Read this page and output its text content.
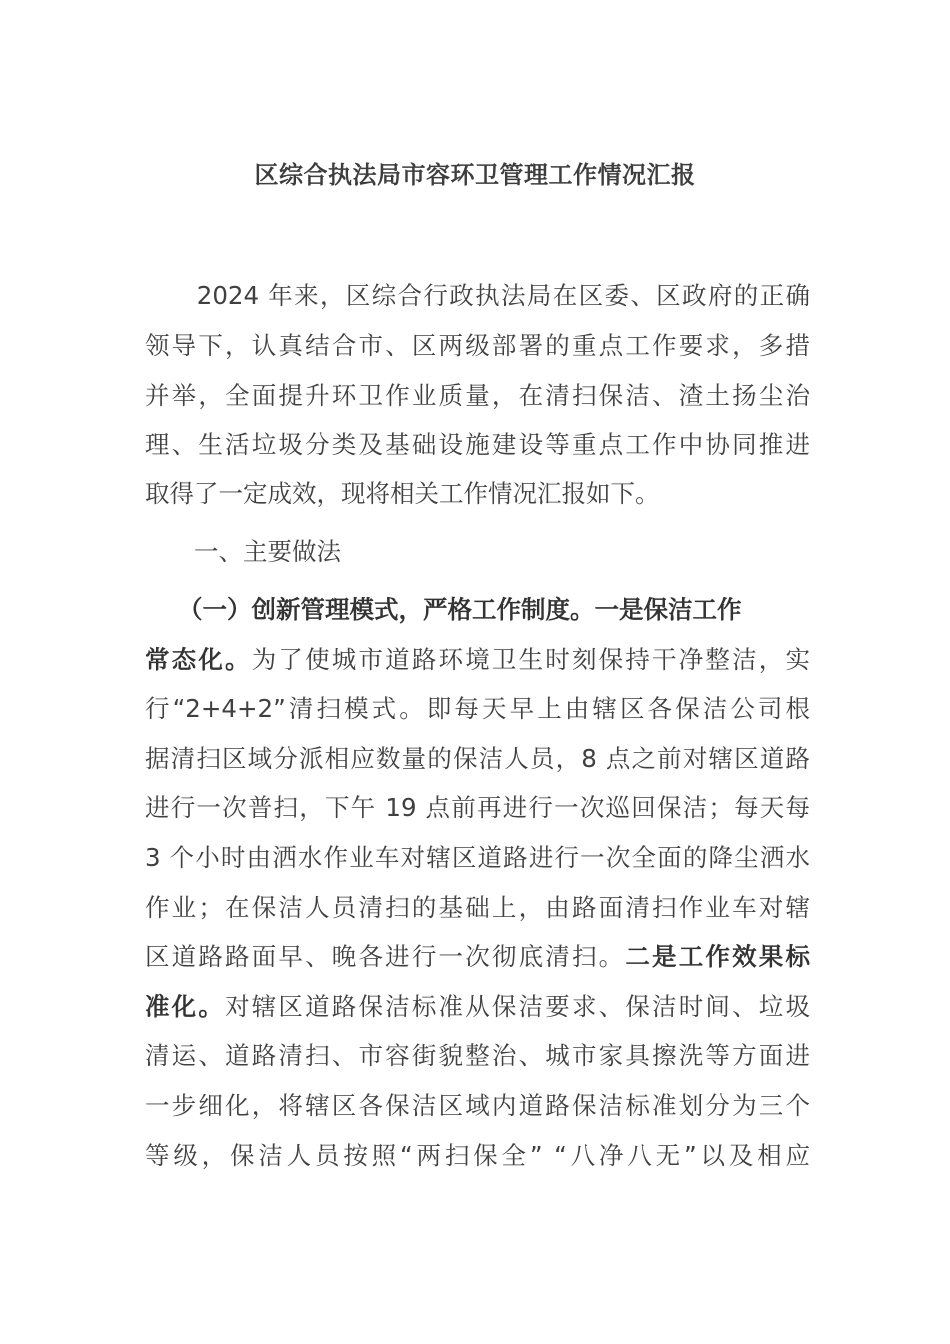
区综合执法局市容环卫管理工作情况汇报
　　2024 年来，区综合行政执法局在区委、区政府的正确
领导下，认真结合市、区两级部署的重点工作要求，多措
并举，全面提升环卫作业质量，在清扫保洁、渣土扬尘治
理、生活垃圾分类及基础设施建设等重点工作中协同推进
取得了一定成效，现将相关工作情况汇报如下。
　　一、主要做法
　 （一）创新管理模式，严格工作制度。一是保洁工作
常态化。为了使城市道路环境卫生时刻保持干净整洁，实
行“2+4+2”清扫模式。即每天早上由辖区各保洁公司根
据清扫区域分派相应数量的保洁人员，8 点之前对辖区道路
进行一次普扫，下午 19 点前再进行一次巡回保洁；每天每
3 个小时由洒水作业车对辖区道路进行一次全面的降尘洒水
作业；在保洁人员清扫的基础上，由路面清扫作业车对辖
区道路路面早、晚各进行一次彻底清扫。二是工作效果标
准化。对辖区道路保洁标准从保洁要求、保洁时间、垃圾
清运、道路清扫、市容街貌整治、城市家具擦洗等方面进
一步细化，将辖区各保洁区域内道路保洁标准划分为三个
等级，保洁人员按照“两扫保全” “八净八无”以及相应
